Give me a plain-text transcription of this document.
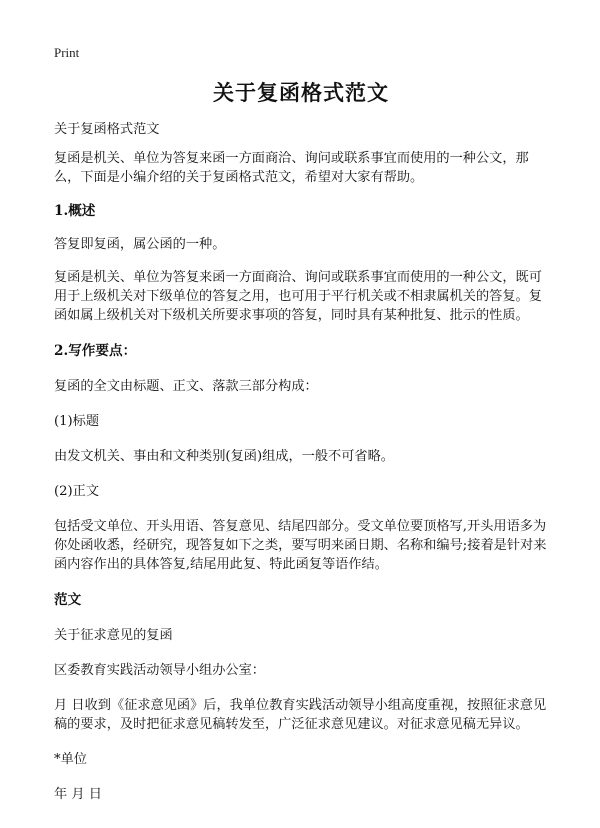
Print
关于复函格式范文

关于复函格式范文

复函是机关、单位为答复来函一方面商洽、询问或联系事宜而使用的一种公文，那么，下面是小编介绍的关于复函格式范文，希望对大家有帮助。

1.概述

答复即复函，属公函的一种。

复函是机关、单位为答复来函一方面商洽、询问或联系事宜而使用的一种公文，既可用于上级机关对下级单位的答复之用，也可用于平行机关或不相隶属机关的答复。复函如属上级机关对下级机关所要求事项的答复，同时具有某种批复、批示的性质。

2.写作要点：

复函的全文由标题、正文、落款三部分构成：

(1)标题

由发文机关、事由和文种类别(复函)组成，一般不可省略。

(2)正文

包括受文单位、开头用语、答复意见、结尾四部分。受文单位要顶格写,开头用语多为你处函收悉，经研究，现答复如下之类，要写明来函日期、名称和编号;接着是针对来函内容作出的具体答复,结尾用此复、特此函复等语作结。

范文

关于征求意见的复函

区委教育实践活动领导小组办公室：

月 日收到《征求意见函》后，我单位教育实践活动领导小组高度重视，按照征求意见稿的要求，及时把征求意见稿转发至，广泛征求意见建议。对征求意见稿无异议。

*单位

年 月 日
